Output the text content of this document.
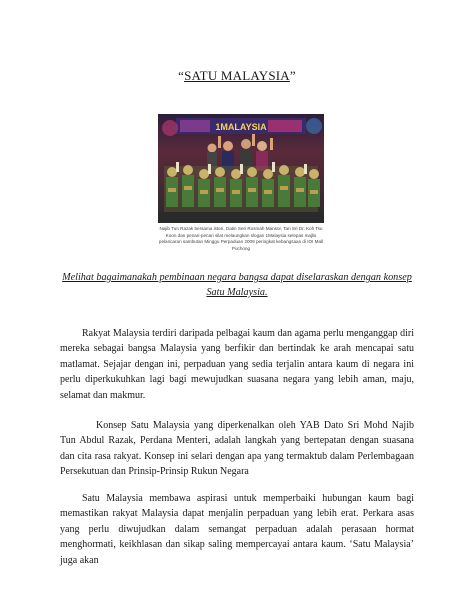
“SATU MALAYSIA”
1MALAYSIA
Najib Tun Razak bersama isteri, Datin Seri Rosmah Mansor, Tan Sri Dr. Koh Tsu Koon dan penari-penari silat melaungkan slogan 1Malaysia selepas majlis pelancaran sambutan Minggu Perpaduan 2009 peringkat kebangsaan di IOI Mall Puchong
Melihat bagaimanakah pembinaan negara bangsa dapat diselaraskan dengan konsep Satu Malaysia.
Rakyat Malaysia terdiri daripada pelbagai kaum dan agama perlu menganggap diri mereka sebagai bangsa Malaysia yang berfikir dan bertindak ke arah mencapai satu matlamat. Sejajar dengan ini, perpaduan yang sedia terjalin antara kaum di negara ini perlu diperkukuhkan lagi bagi mewujudkan suasana negara yang lebih aman, maju, selamat dan makmur.
Konsep Satu Malaysia yang diperkenalkan oleh YAB Dato Sri Mohd Najib Tun Abdul Razak, Perdana Menteri, adalah langkah yang bertepatan dengan suasana dan cita rasa rakyat. Konsep ini selari dengan apa yang termaktub dalam Perlembagaan Persekutuan dan Prinsip-Prinsip Rukun Negara
Satu Malaysia membawa aspirasi untuk memperbaiki hubungan kaum bagi memastikan rakyat Malaysia dapat menjalin perpaduan yang lebih erat. Perkara asas yang perlu diwujudkan dalam semangat perpaduan adalah perasaan hormat menghormati, keikhlasan dan sikap saling mempercayai antara kaum. ‘Satu Malaysia’ juga akan
